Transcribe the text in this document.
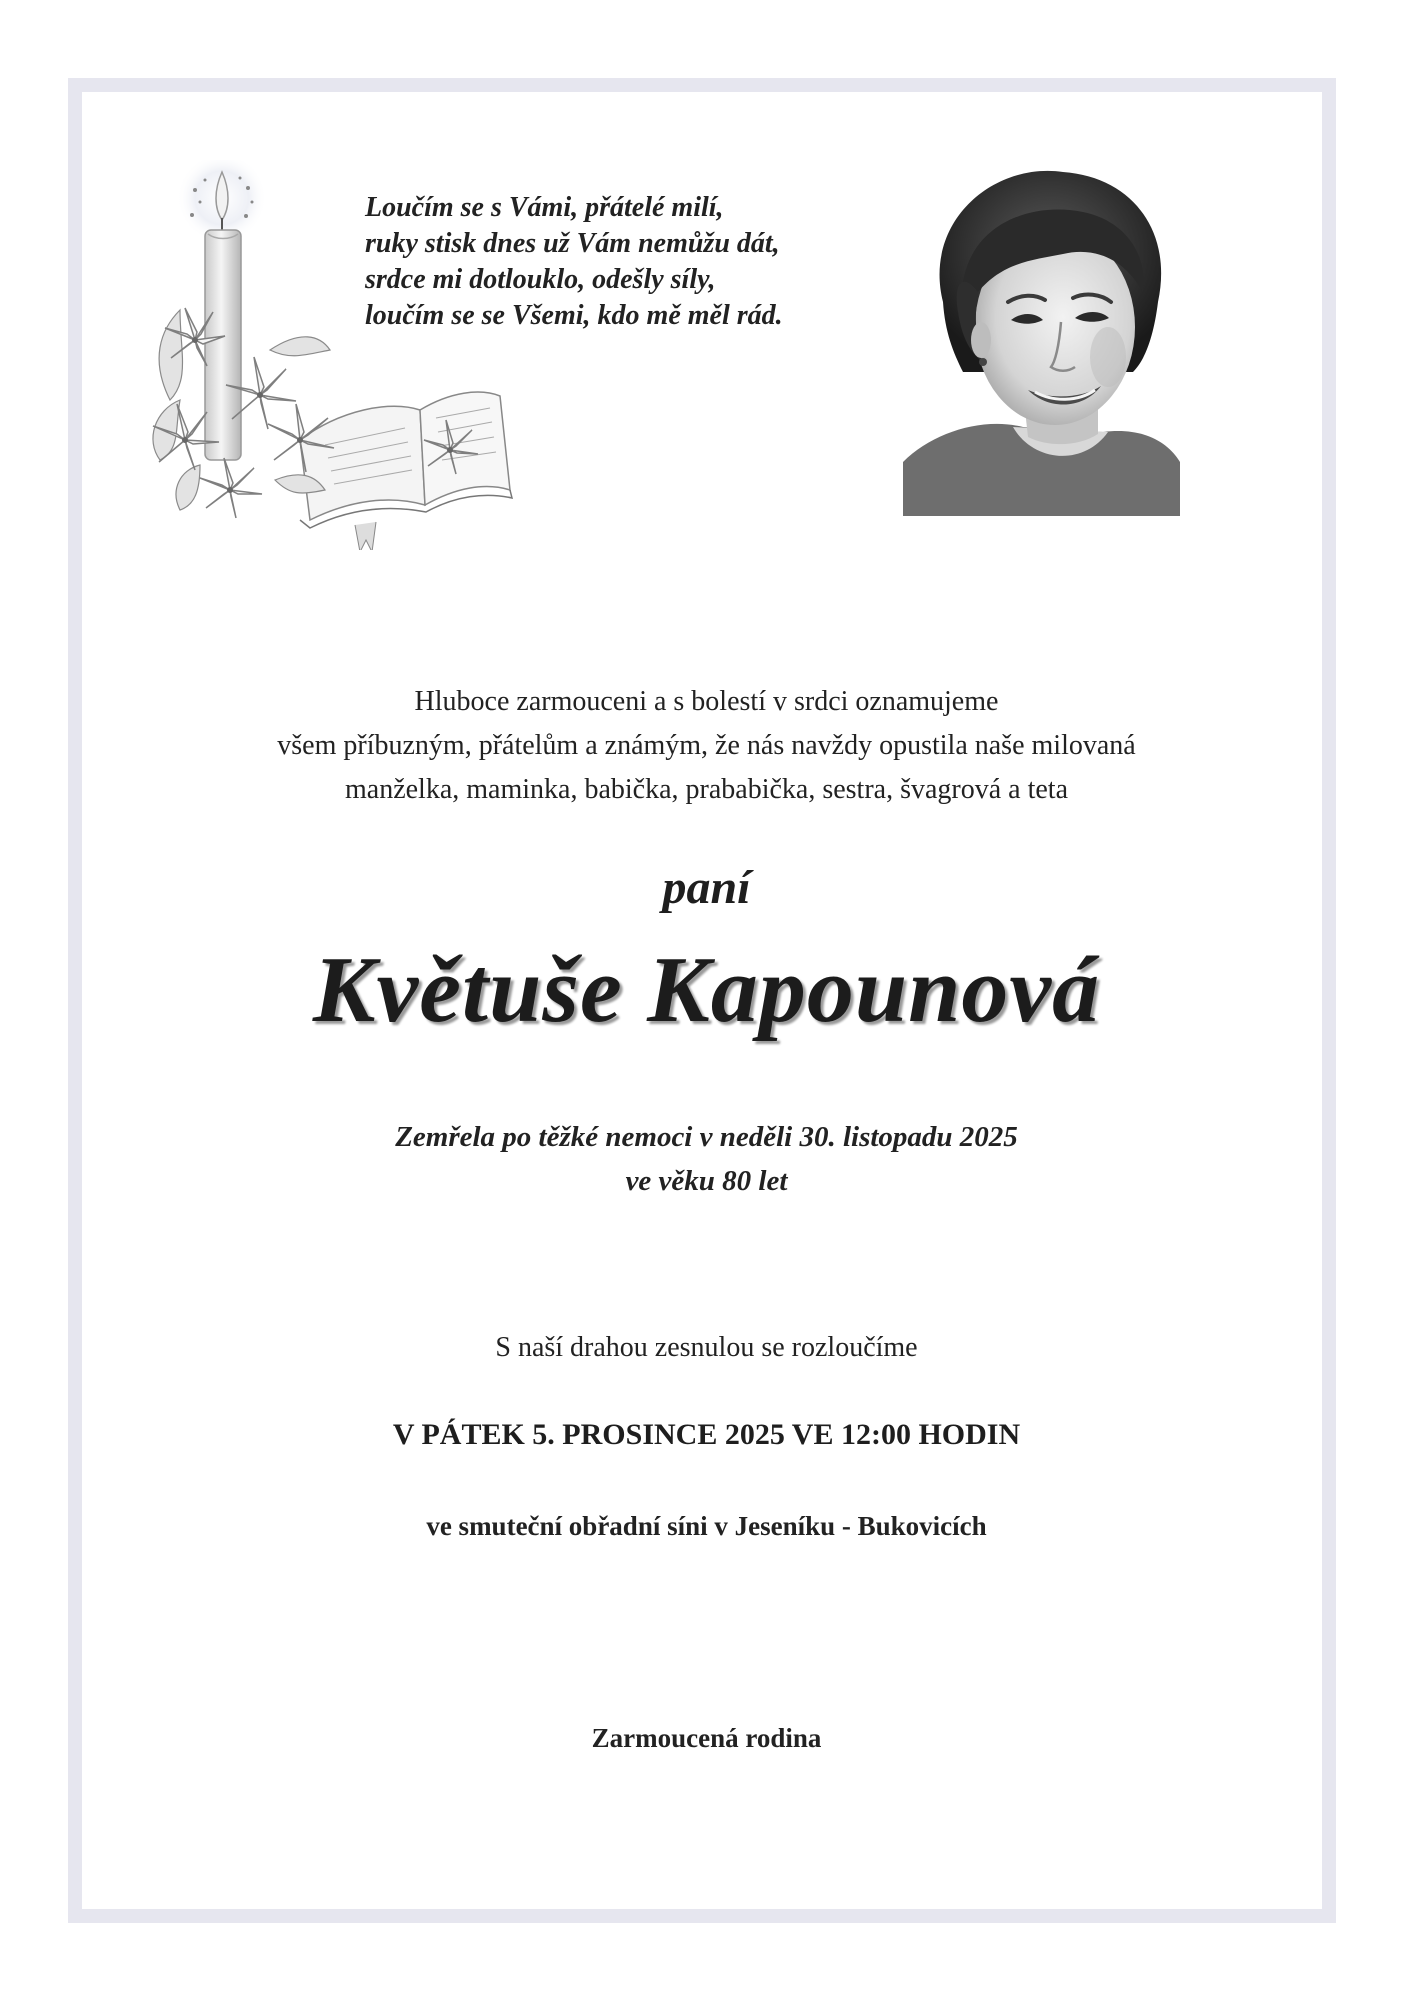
Loučím se s Vámi, přátelé milí,
ruky stisk dnes už Vám nemůžu dát,
srdce mi dotlouklo, odešly síly,
loučím se se Všemi, kdo mě měl rád.
Hluboce zarmouceni a s bolestí v srdci oznamujeme
všem příbuzným, přátelům a známým, že nás navždy opustila naše milovaná
manželka, maminka, babička, prababička, sestra, švagrová a teta
paní
Květuše Kapounová
Zemřela po těžké nemoci v neděli 30. listopadu 2025
ve věku 80 let
S naší drahou zesnulou se rozloučíme
V PÁTEK 5. PROSINCE 2025 VE 12:00 HODIN
ve smuteční obřadní síni v Jeseníku - Bukovicích
Zarmoucená rodina
